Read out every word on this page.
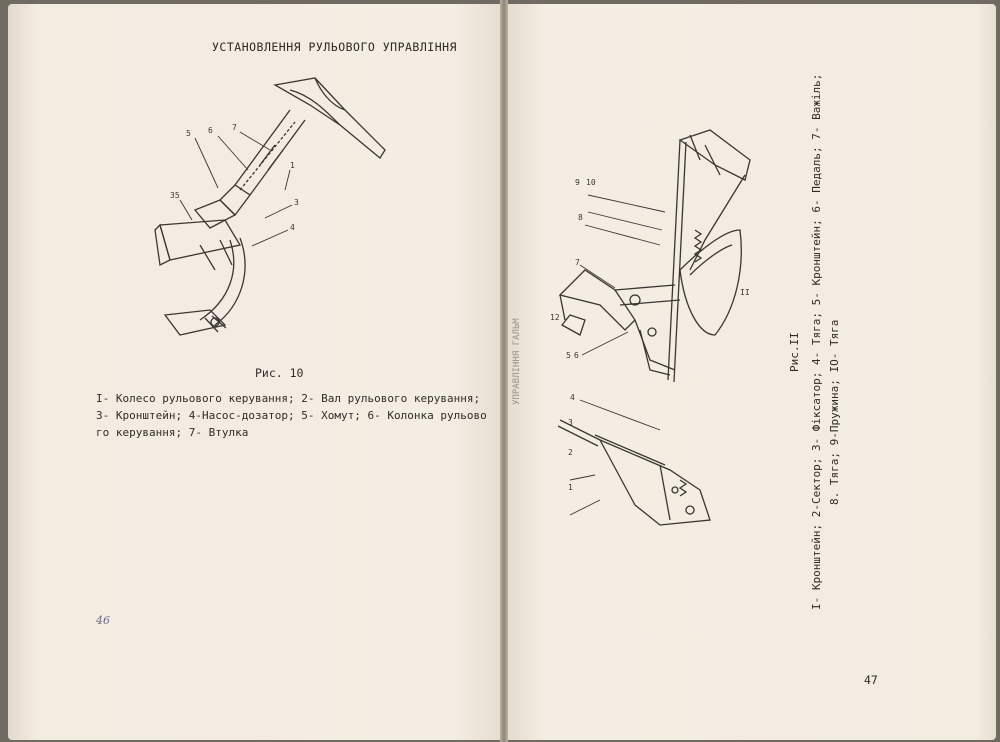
УСТАНОВЛЕННЯ РУЛЬОВОГО УПРАВЛІННЯ
5 6 7
1
3
4
35
Рис. 10
I- Колесо рульового керування; 2- Вал рульового керування;
3- Кронштейн; 4-Насос-дозатор; 5- Хомут; 6- Колонка рульово
го керування; 7- Втулка
46
УПРАВЛІННЯ ГАЛЬМ
9 10
8
7
12
5 6
4
3
2
1
II
Рис.II I- Кронштейн; 2-Сектор; 3- Фіксатор; 4- Тяга; 5- Кронштейн; 6- Педаль; 7- Важіль; 8. Тяга; 9-Пружина; IO- Тяга
47
